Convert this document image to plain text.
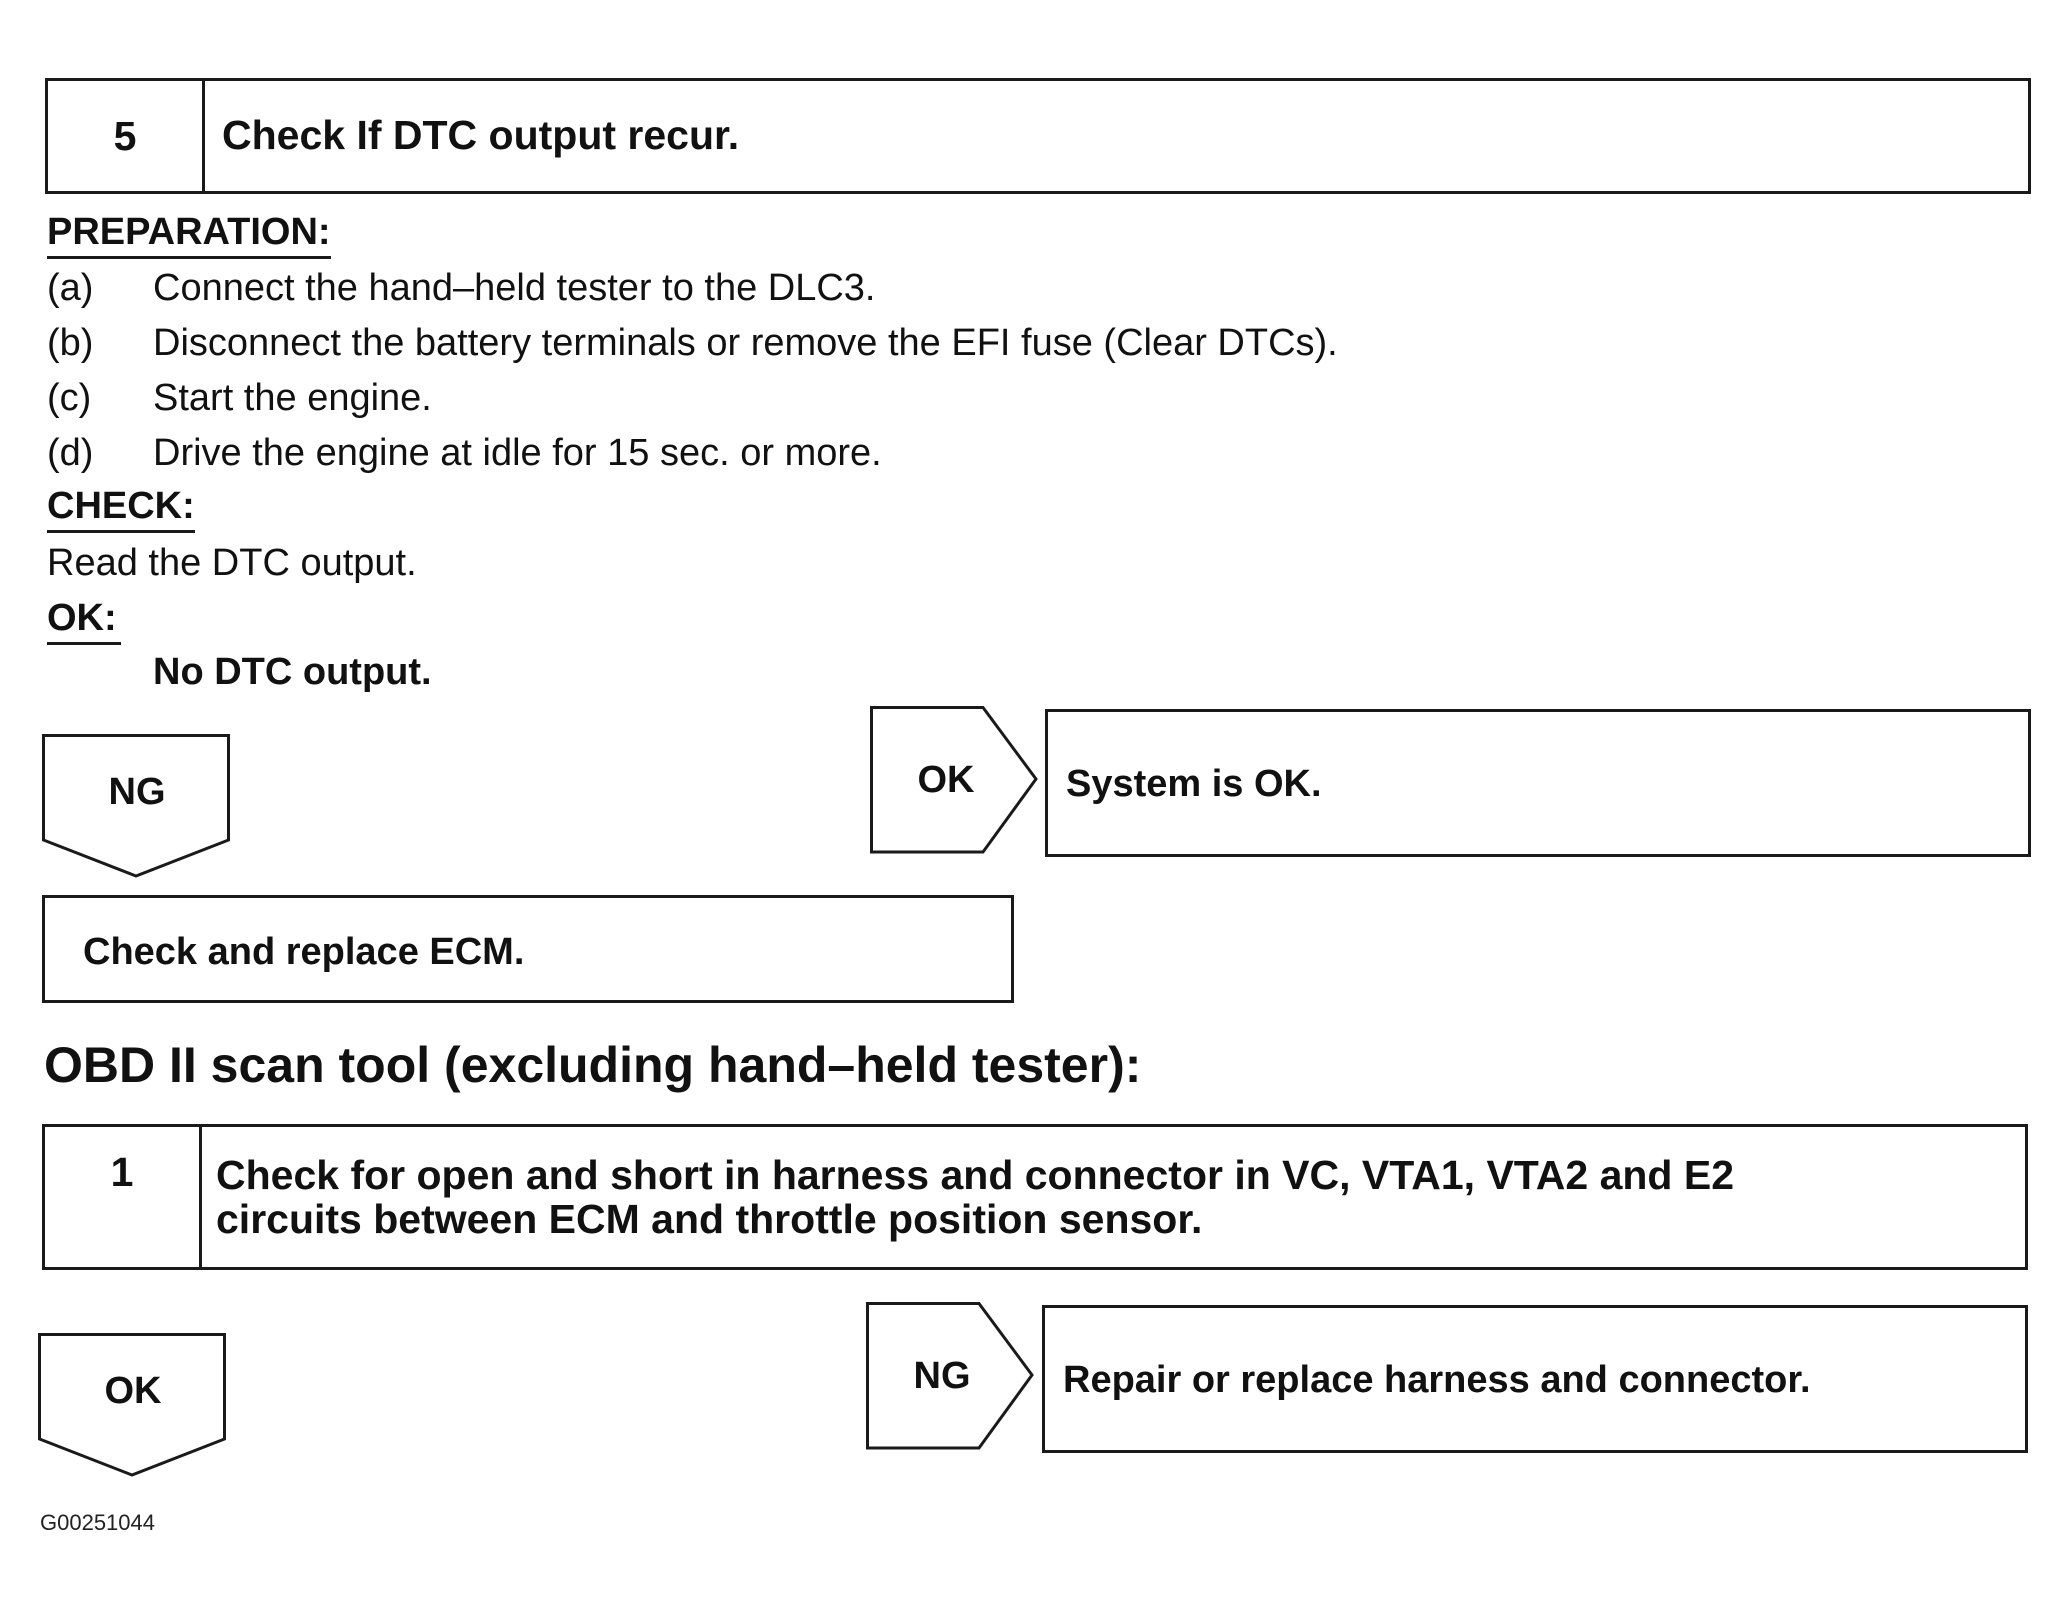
5	Check If DTC output recur.
PREPARATION:
(a) Connect the hand–held tester to the DLC3.
(b) Disconnect the battery terminals or remove the EFI fuse (Clear DTCs).
(c) Start the engine.
(d) Drive the engine at idle for 15 sec. or more.
CHECK:
Read the DTC output.
OK:
No DTC output.
NG	OK	System is OK.
Check and replace ECM.
OBD II scan tool (excluding hand–held tester):
1	Check for open and short in harness and connector in VC, VTA1, VTA2 and E2
circuits between ECM and throttle position sensor.
OK	NG	Repair or replace harness and connector.
G00251044
